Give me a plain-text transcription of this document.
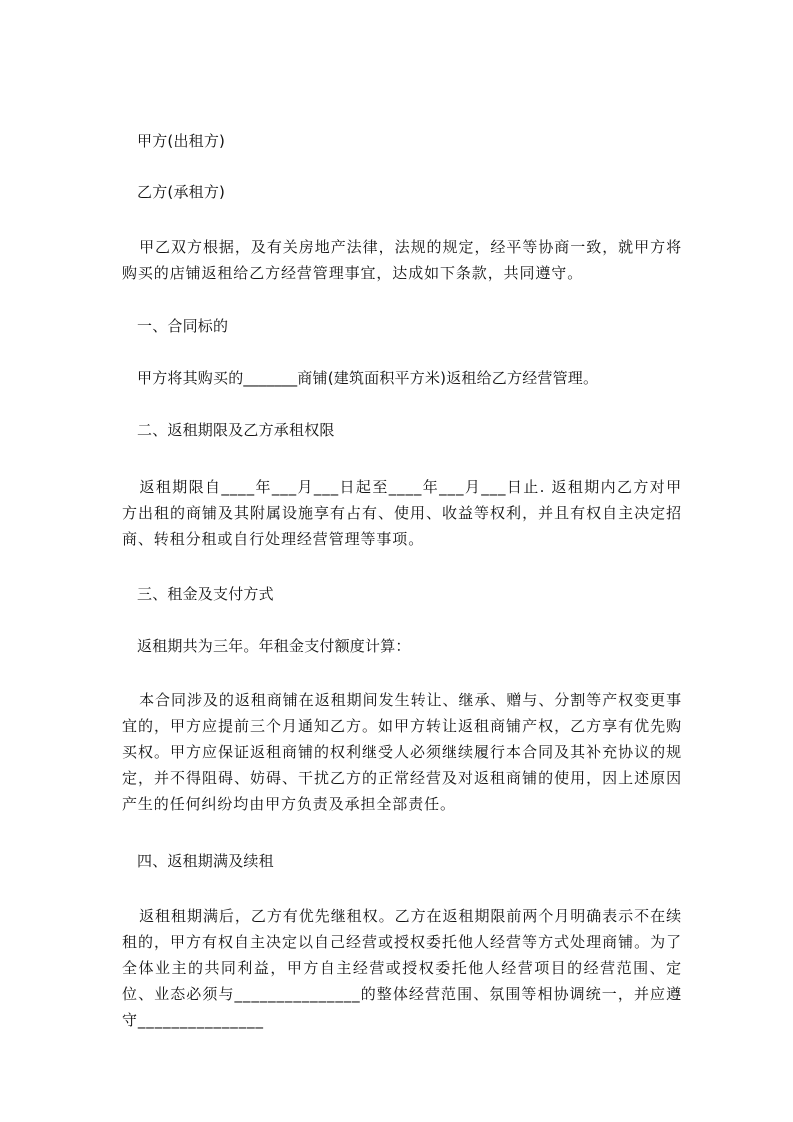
甲方(出租方)
乙方(承租方)
甲乙双方根据，及有关房地产法律，法规的规定，经平等协商一致，就甲方将购买的店铺返租给乙方经营管理事宜，达成如下条款，共同遵守。
一、合同标的
甲方将其购买的_______商铺(建筑面积平方米)返租给乙方经营管理。
二、返租期限及乙方承租权限
返租期限自____年___月___日起至____年___月___日止. 返租期内乙方对甲方出租的商铺及其附属设施享有占有、使用、收益等权利，并且有权自主决定招商、转租分租或自行处理经营管理等事项。
三、租金及支付方式
返租期共为三年。年租金支付额度计算：
本合同涉及的返租商铺在返租期间发生转让、继承、赠与、分割等产权变更事宜的，甲方应提前三个月通知乙方。如甲方转让返租商铺产权，乙方享有优先购买权。甲方应保证返租商铺的权利继受人必须继续履行本合同及其补充协议的规定，并不得阻碍、妨碍、干扰乙方的正常经营及对返租商铺的使用，因上述原因产生的任何纠纷均由甲方负责及承担全部责任。
四、返租期满及续租
返租租期满后，乙方有优先继租权。乙方在返租期限前两个月明确表示不在续租的，甲方有权自主决定以自己经营或授权委托他人经营等方式处理商铺。为了全体业主的共同利益，甲方自主经营或授权委托他人经营项目的经营范围、定位、业态必须与_______________的整体经营范围、氛围等相协调统一，并应遵守_______________
